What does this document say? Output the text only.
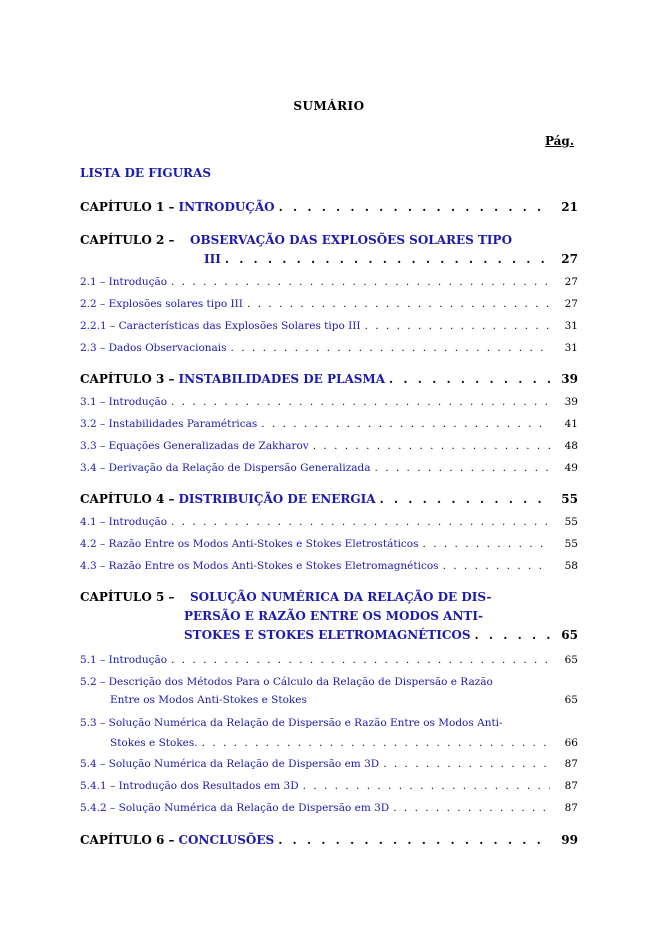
SUMÁRIO
Pág.
LISTA DE FIGURAS
CAPÍTULO 1 – INTRODUÇÃO . . .	21
CAPÍTULO 2 – OBSERVAÇÃO DAS EXPLOSÕES SOLARES TIPO
III . . .	27
2.1 – Introdução . . .	27
2.2 – Explosões solares tipo III . . .	27
2.2.1 – Características das Explosões Solares tipo III . . .	31
2.3 – Dados Observacionais . . .	31
CAPÍTULO 3 – INSTABILIDADES DE PLASMA . . .	39
3.1 – Introdução . . .	39
3.2 – Instabilidades Paramétricas . . .	41
3.3 – Equações Generalizadas de Zakharov . . .	48
3.4 – Derivação da Relação de Dispersão Generalizada . . .	49
CAPÍTULO 4 – DISTRIBUIÇÃO DE ENERGIA . . .	55
4.1 – Introdução . . .	55
4.2 – Razão Entre os Modos Anti-Stokes e Stokes Eletrostáticos . . .	55
4.3 – Razão Entre os Modos Anti-Stokes e Stokes Eletromagnéticos . . .	58
CAPÍTULO 5 – SOLUÇÃO NUMÉRICA DA RELAÇÃO DE DIS-
PERSÃO E RAZÃO ENTRE OS MODOS ANTI-
STOKES E STOKES ELETROMAGNÉTICOS . . .	65
5.1 – Introdução . . .	65
5.2 – Descrição dos Métodos Para o Cálculo da Relação de Dispersão e Razão
Entre os Modos Anti-Stokes e Stokes	65
5.3 – Solução Numérica da Relação de Dispersão e Razão Entre os Modos Anti-
Stokes e Stokes. . . .	66
5.4 – Solução Numérica da Relação de Dispersão em 3D . . .	87
5.4.1 – Introdução dos Resultados em 3D . . .	87
5.4.2 – Solução Numérica da Relação de Dispersão em 3D . . .	87
CAPÍTULO 6 – CONCLUSÕES . . .	99
